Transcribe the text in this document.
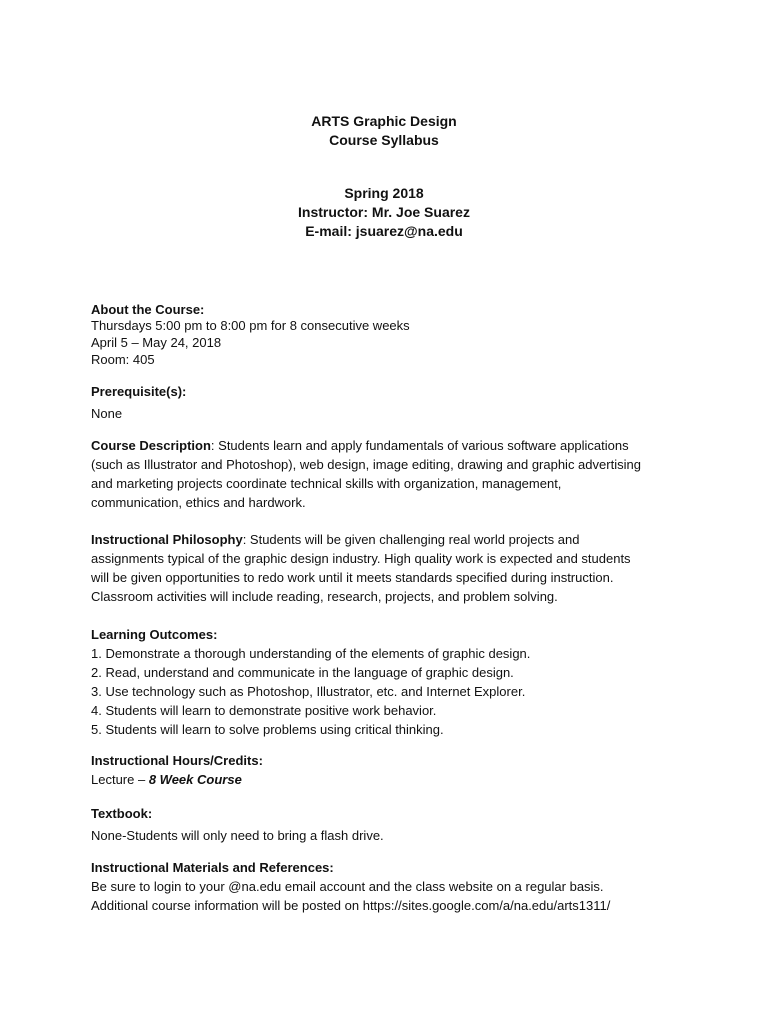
ARTS Graphic Design
Course Syllabus
Spring 2018
Instructor: Mr. Joe Suarez
E-mail: jsuarez@na.edu
About the Course:
Thursdays 5:00 pm to 8:00 pm for 8 consecutive weeks
April 5 – May 24, 2018
Room: 405
Prerequisite(s):
None
Course Description: Students learn and apply fundamentals of various software applications
(such as Illustrator and Photoshop), web design, image editing, drawing and graphic advertising
and marketing projects coordinate technical skills with organization, management,
communication, ethics and hardwork.
Instructional Philosophy: Students will be given challenging real world projects and
assignments typical of the graphic design industry. High quality work is expected and students
will be given opportunities to redo work until it meets standards specified during instruction.
Classroom activities will include reading, research, projects, and problem solving.
Learning Outcomes:
1. Demonstrate a thorough understanding of the elements of graphic design.
2. Read, understand and communicate in the language of graphic design.
3. Use technology such as Photoshop, Illustrator, etc. and Internet Explorer.
4. Students will learn to demonstrate positive work behavior.
5. Students will learn to solve problems using critical thinking.
Instructional Hours/Credits:
Lecture – 8 Week Course
Textbook:
None-Students will only need to bring a flash drive.
Instructional Materials and References:
Be sure to login to your @na.edu email account and the class website on a regular basis.
Additional course information will be posted on https://sites.google.com/a/na.edu/arts1311/
